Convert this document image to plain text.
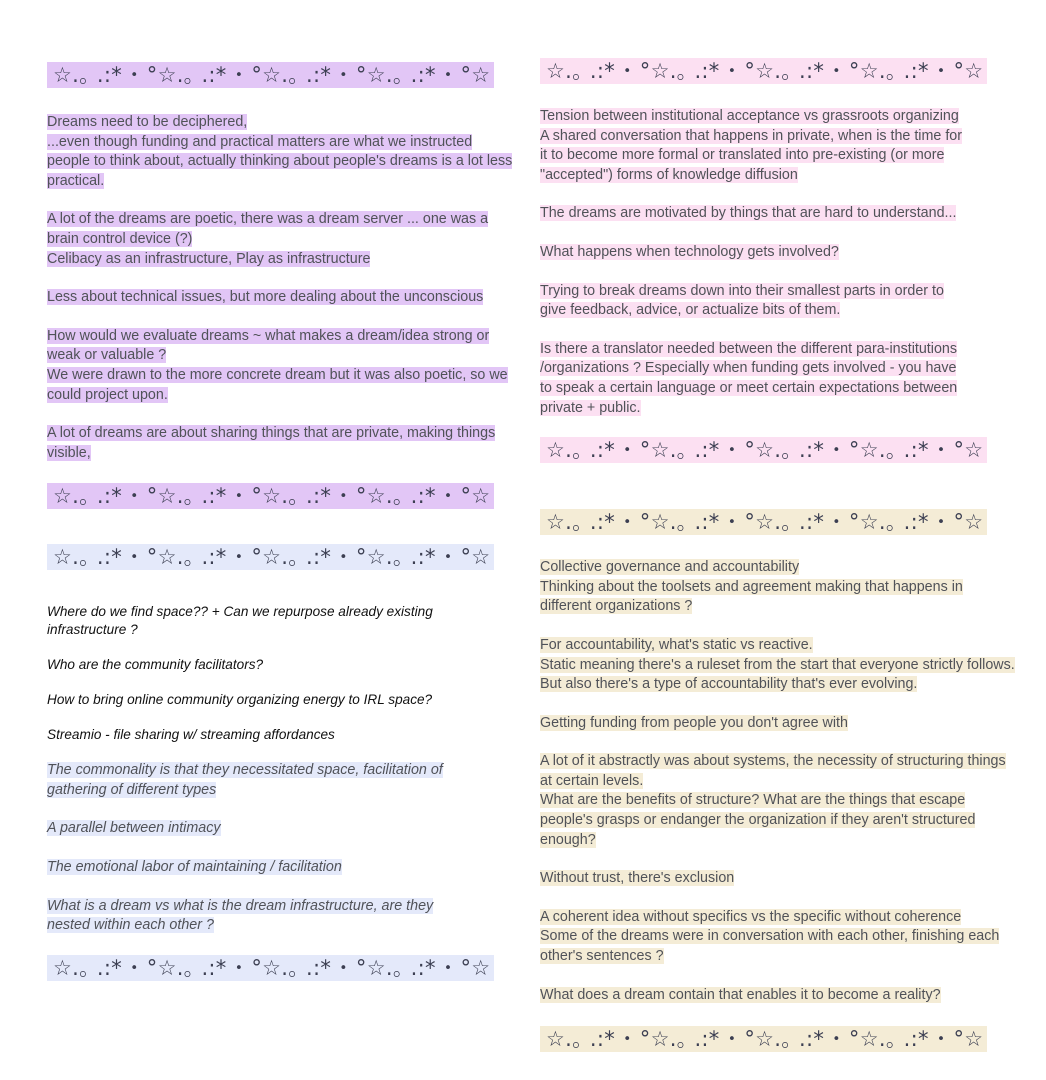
☆.｡ .:* ･ °☆.｡ .:* ･ °☆.｡ .:* ･ °☆.｡ .:* ･ °☆

Dreams need to be deciphered,
...even though funding and practical matters are what we instructed people to think about, actually thinking about people's dreams is a lot less practical.

A lot of the dreams are poetic, there was a dream server ... one was a brain control device (?)
Celibacy as an infrastructure, Play as infrastructure

Less about technical issues, but more dealing about the unconscious

How would we evaluate dreams ~ what makes a dream/idea strong or weak or valuable ?
We were drawn to the more concrete dream but it was also poetic, so we could project upon.

A lot of dreams are about sharing things that are private, making things visible,

☆.｡ .:* ･ °☆.｡ .:* ･ °☆.｡ .:* ･ °☆.｡ .:* ･ °☆
☆.｡ .:* ･ °☆.｡ .:* ･ °☆.｡ .:* ･ °☆.｡ .:* ･ °☆

Where do we find space?? + Can we repurpose already existing infrastructure ?

Who are the community facilitators?

How to bring online community organizing energy to IRL space?

Streamio - file sharing w/ streaming affordances

The commonality is that they necessitated space, facilitation of gathering of different types

A parallel between intimacy

The emotional labor of maintaining / facilitation

What is a dream vs what is the dream infrastructure, are they nested within each other ?

☆.｡ .:* ･ °☆.｡ .:* ･ °☆.｡ .:* ･ °☆.｡ .:* ･ °☆
☆.｡ .:* ･ °☆.｡ .:* ･ °☆.｡ .:* ･ °☆.｡ .:* ･ °☆

Tension between institutional acceptance vs grassroots organizing
A shared conversation that happens in private, when is the time for it to become more formal or translated into pre-existing (or more "accepted") forms of knowledge diffusion

The dreams are motivated by things that are hard to understand...

What happens when technology gets involved?

Trying to break dreams down into their smallest parts in order to give feedback, advice, or actualize bits of them.

Is there a translator needed between the different para-institutions /organizations ? Especially when funding gets involved - you have to speak a certain language or meet certain expectations between private + public.

☆.｡ .:* ･ °☆.｡ .:* ･ °☆.｡ .:* ･ °☆.｡ .:* ･ °☆
☆.｡ .:* ･ °☆.｡ .:* ･ °☆.｡ .:* ･ °☆.｡ .:* ･ °☆

Collective governance and accountability
Thinking about the toolsets and agreement making that happens in different organizations ?

For accountability, what's static vs reactive.
Static meaning there's a ruleset from the start that everyone strictly follows.
But also there's a type of accountability that's ever evolving.

Getting funding from people you don't agree with

A lot of it abstractly was about systems, the necessity of structuring things at certain levels.
What are the benefits of structure? What are the things that escape people's grasps or endanger the organization if they aren't structured enough?

Without trust, there's exclusion

A coherent idea without specifics vs the specific without coherence
Some of the dreams were in conversation with each other, finishing each other's sentences ?

What does a dream contain that enables it to become a reality?

☆.｡ .:* ･ °☆.｡ .:* ･ °☆.｡ .:* ･ °☆.｡ .:* ･ °☆
